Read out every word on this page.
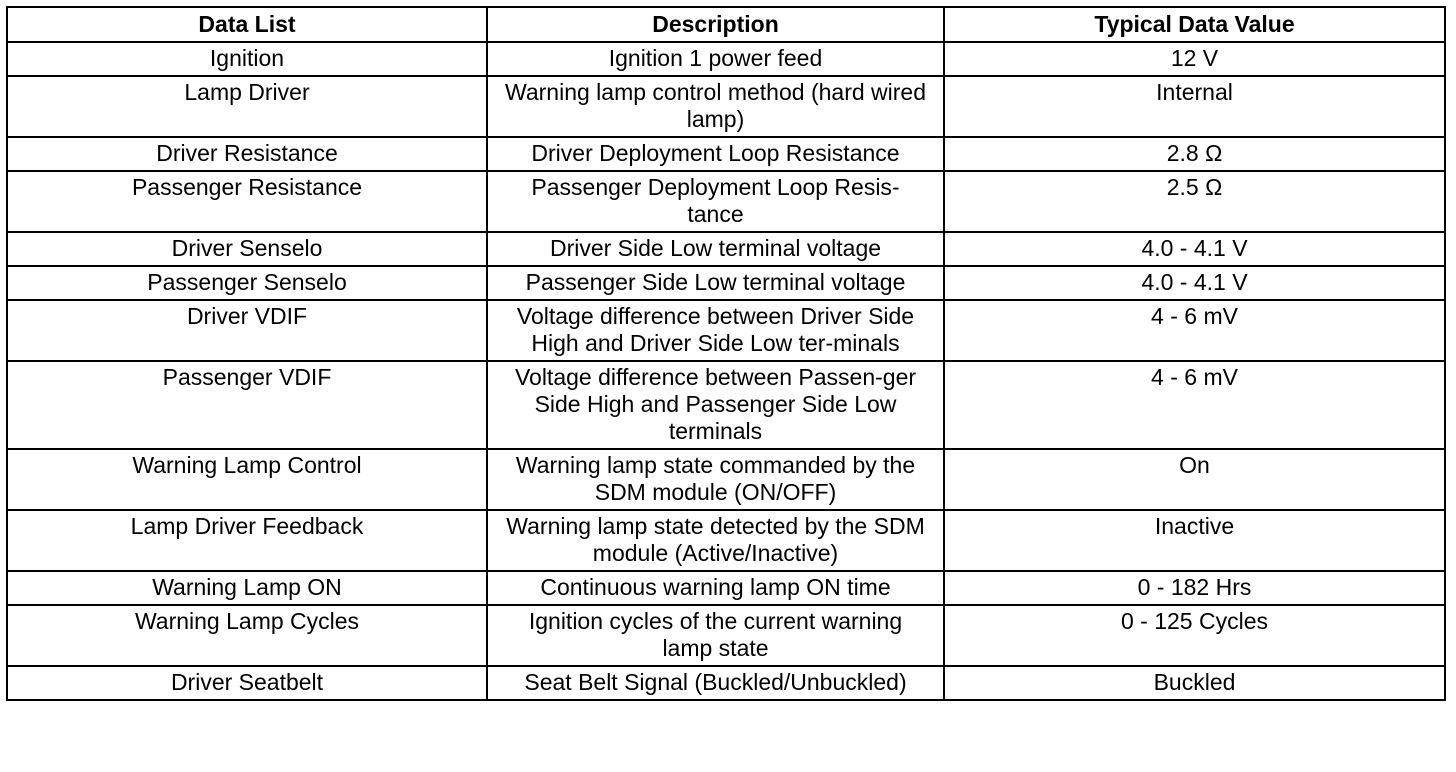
Data List	Description	Typical Data Value
Ignition	Ignition 1 power feed	12 V
Lamp Driver	Warning lamp control method (hard wired lamp)	Internal
Driver Resistance	Driver Deployment Loop Resistance	2.8 Ω
Passenger Resistance	Passenger Deployment Loop Resis-tance	2.5 Ω
Driver Senselo	Driver Side Low terminal voltage	4.0 - 4.1 V
Passenger Senselo	Passenger Side Low terminal voltage	4.0 - 4.1 V
Driver VDIF	Voltage difference between Driver Side High and Driver Side Low ter-minals	4 - 6 mV
Passenger VDIF	Voltage difference between Passen-ger Side High and Passenger Side Low terminals	4 - 6 mV
Warning Lamp Control	Warning lamp state commanded by the SDM module (ON/OFF)	On
Lamp Driver Feedback	Warning lamp state detected by the SDM module (Active/Inactive)	Inactive
Warning Lamp ON	Continuous warning lamp ON time	0 - 182 Hrs
Warning Lamp Cycles	Ignition cycles of the current warning lamp state	0 - 125 Cycles
Driver Seatbelt	Seat Belt Signal (Buckled/Unbuckled)	Buckled
